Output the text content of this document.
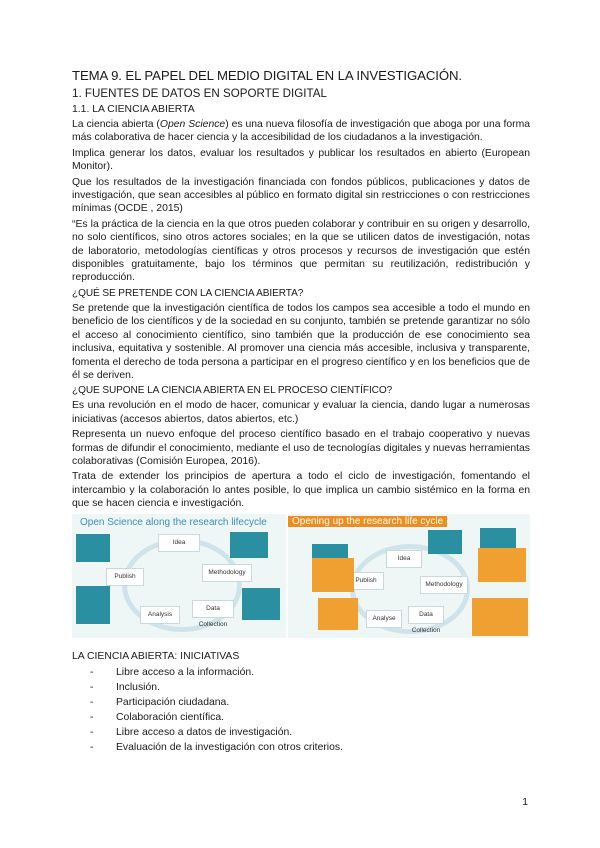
TEMA 9. EL PAPEL DEL MEDIO DIGITAL EN LA INVESTIGACIÓN.
1. FUENTES DE DATOS EN SOPORTE DIGITAL
1.1. LA CIENCIA ABIERTA

La ciencia abierta (Open Science) es una nueva filosofía de investigación que aboga por una forma más colaborativa de hacer ciencia y la accesibilidad de los ciudadanos a la investigación.

Implica generar los datos, evaluar los resultados y publicar los resultados en abierto (European Monitor).

Que los resultados de la investigación financiada con fondos públicos, publicaciones y datos de investigación, que sean accesibles al público en formato digital sin restricciones o con restricciones mínimas (OCDE , 2015)

“Es la práctica de la ciencia en la que otros pueden colaborar y contribuir en su origen y desarrollo, no solo científicos, sino otros actores sociales; en la que se utilicen datos de investigación, notas de laboratorio, metodologías científicas y otros procesos y recursos de investigación que estén disponibles gratuitamente, bajo los términos que permitan su reutilización, redistribución y reproducción.

¿QUÉ SE PRETENDE CON LA CIENCIA ABIERTA?

Se pretende que la investigación científica de todos los campos sea accesible a todo el mundo en beneficio de los científicos y de la sociedad en su conjunto, también se pretende garantizar no sólo el acceso al conocimiento científico, sino también que la producción de ese conocimiento sea inclusiva, equitativa y sostenible. Al promover una ciencia más accesible, inclusiva y transparente, fomenta el derecho de toda persona a participar en el progreso científico y en los beneficios que de él se deriven.

¿QUE SUPONE LA CIENCIA ABIERTA EN EL PROCESO CIENTÍFICO?

Es una revolución en el modo de hacer, comunicar y evaluar la ciencia, dando lugar a numerosas iniciativas (accesos abiertos, datos abiertos, etc.)

Representa un nuevo enfoque del proceso científico basado en el trabajo cooperativo y nuevas formas de difundir el conocimiento, mediante el uso de tecnologías digitales y nuevas herramientas colaborativas (Comisión Europea, 2016).

Trata de extender los principios de apertura a todo el ciclo de investigación, fomentando el intercambio y la colaboración lo antes posible, lo que implica un cambio sistémico en la forma en que se hacen ciencia e investigación.

Open Science along the research lifecycle
Idea
Methodology
Data Collection
Analysis
Publish
Opening up the research life cycle
Idea
Methodology
Data Collection
Analyse
Publish
LA CIENCIA ABIERTA: INICIATIVAS
- Libre acceso a la información.
- Inclusión.
- Participación ciudadana.
- Colaboración científica.
- Libre acceso a datos de investigación.
- Evaluación de la investigación con otros criterios.
1
